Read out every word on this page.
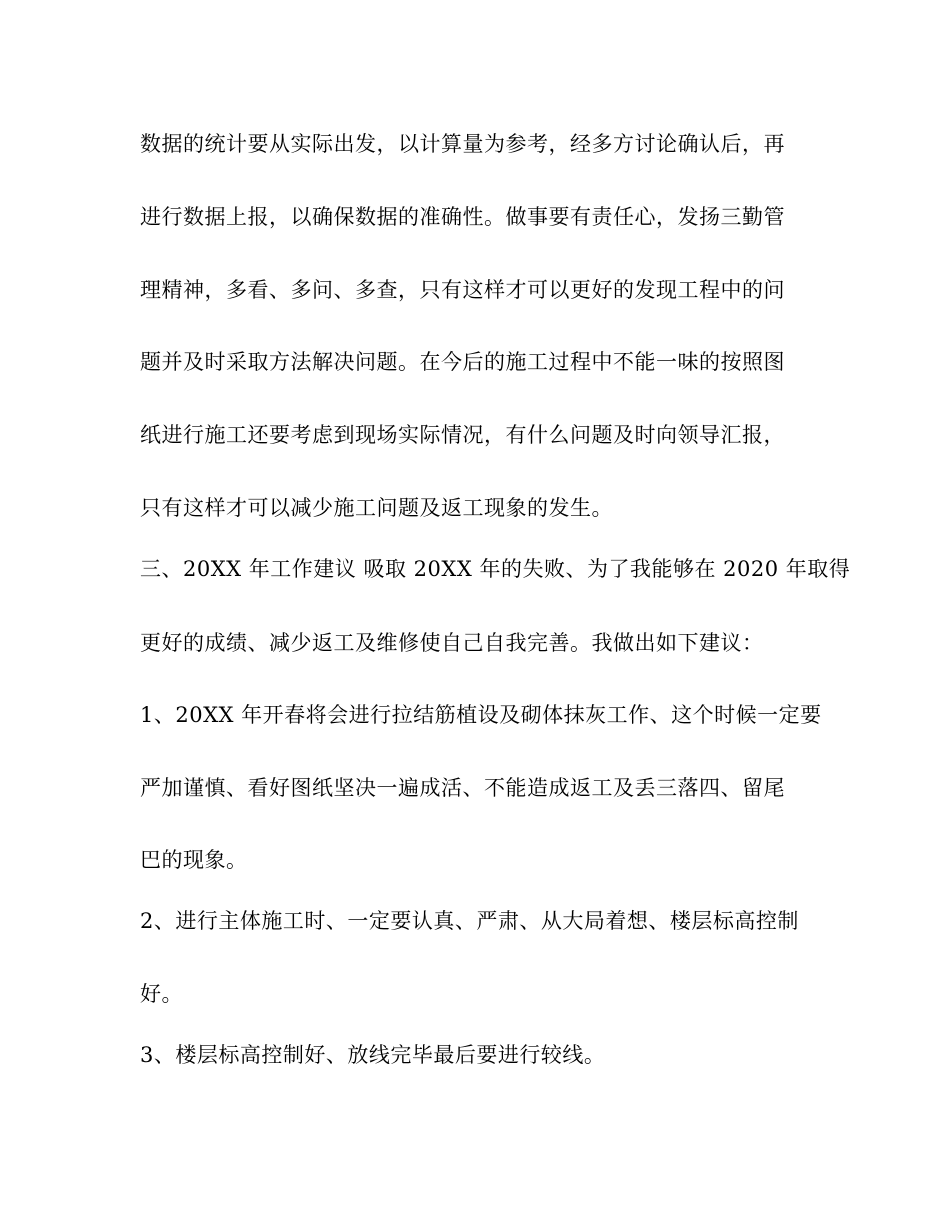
数据的统计要从实际出发，以计算量为参考，经多方讨论确认后，再
进行数据上报，以确保数据的准确性。做事要有责任心，发扬三勤管
理精神，多看、多问、多查，只有这样才可以更好的发现工程中的问
题并及时采取方法解决问题。在今后的施工过程中不能一味的按照图
纸进行施工还要考虑到现场实际情况，有什么问题及时向领导汇报，
只有这样才可以减少施工问题及返工现象的发生。
三、20XX 年工作建议 吸取 20XX 年的失败、为了我能够在 2020 年取得
更好的成绩、减少返工及维修使自己自我完善。我做出如下建议：
1、20XX 年开春将会进行拉结筋植设及砌体抹灰工作、这个时候一定要
严加谨慎、看好图纸坚决一遍成活、不能造成返工及丢三落四、留尾
巴的现象。
2、进行主体施工时、一定要认真、严肃、从大局着想、楼层标高控制
好。
3、楼层标高控制好、放线完毕最后要进行较线。
